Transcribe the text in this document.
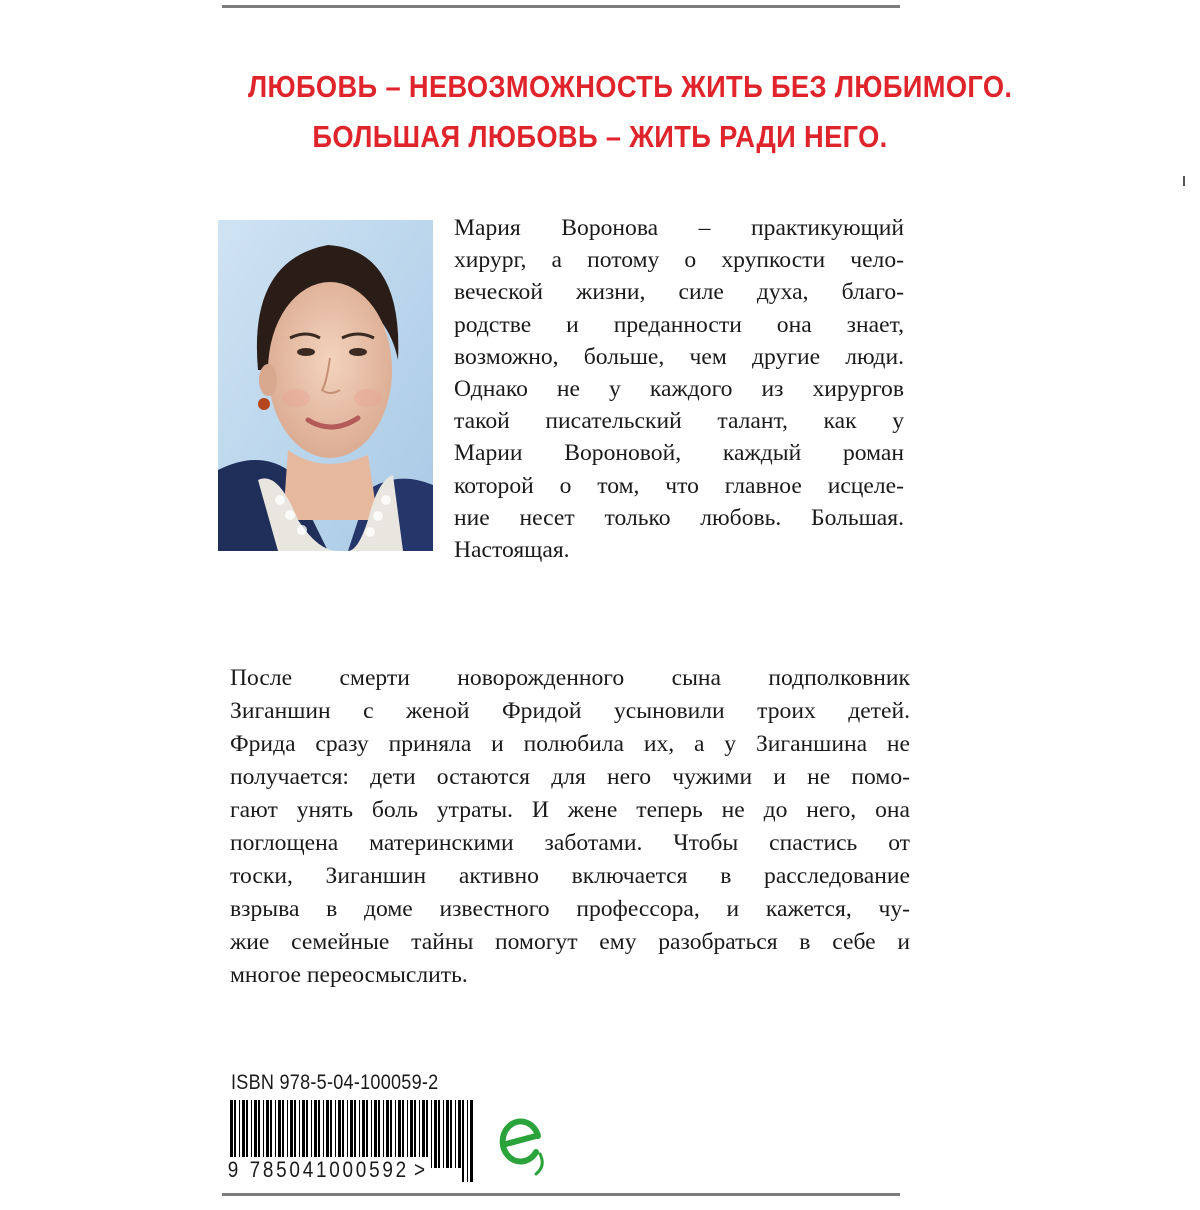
ЛЮБОВЬ – НЕВОЗМОЖНОСТЬ ЖИТЬ БЕЗ ЛЮБИМОГО.
БОЛЬШАЯ ЛЮБОВЬ – ЖИТЬ РАДИ НЕГО.
Мария Воронова – практикующий
хирург, а потому о хрупкости чело-
веческой жизни, силе духа, благо-
родстве и преданности она знает,
возможно, больше, чем другие люди.
Однако не у каждого из хирургов
такой писательский талант, как у
Марии Вороновой, каждый роман
которой о том, что главное исцеле-
ние несет только любовь. Большая.
Настоящая.
После смерти новорожденного сына подполковник
Зиганшин с женой Фридой усыновили троих детей.
Фрида сразу приняла и полюбила их, а у Зиганшина не
получается: дети остаются для него чужими и не помо-
гают унять боль утраты. И жене теперь не до него, она
поглощена материнскими заботами. Чтобы спастись от
тоски, Зиганшин активно включается в расследование
взрыва в доме известного профессора, и кажется, чу-
жие семейные тайны помогут ему разобраться в себе и
многое переосмыслить.
ISBN 978-5-04-100059-2
9 785041000592 >
